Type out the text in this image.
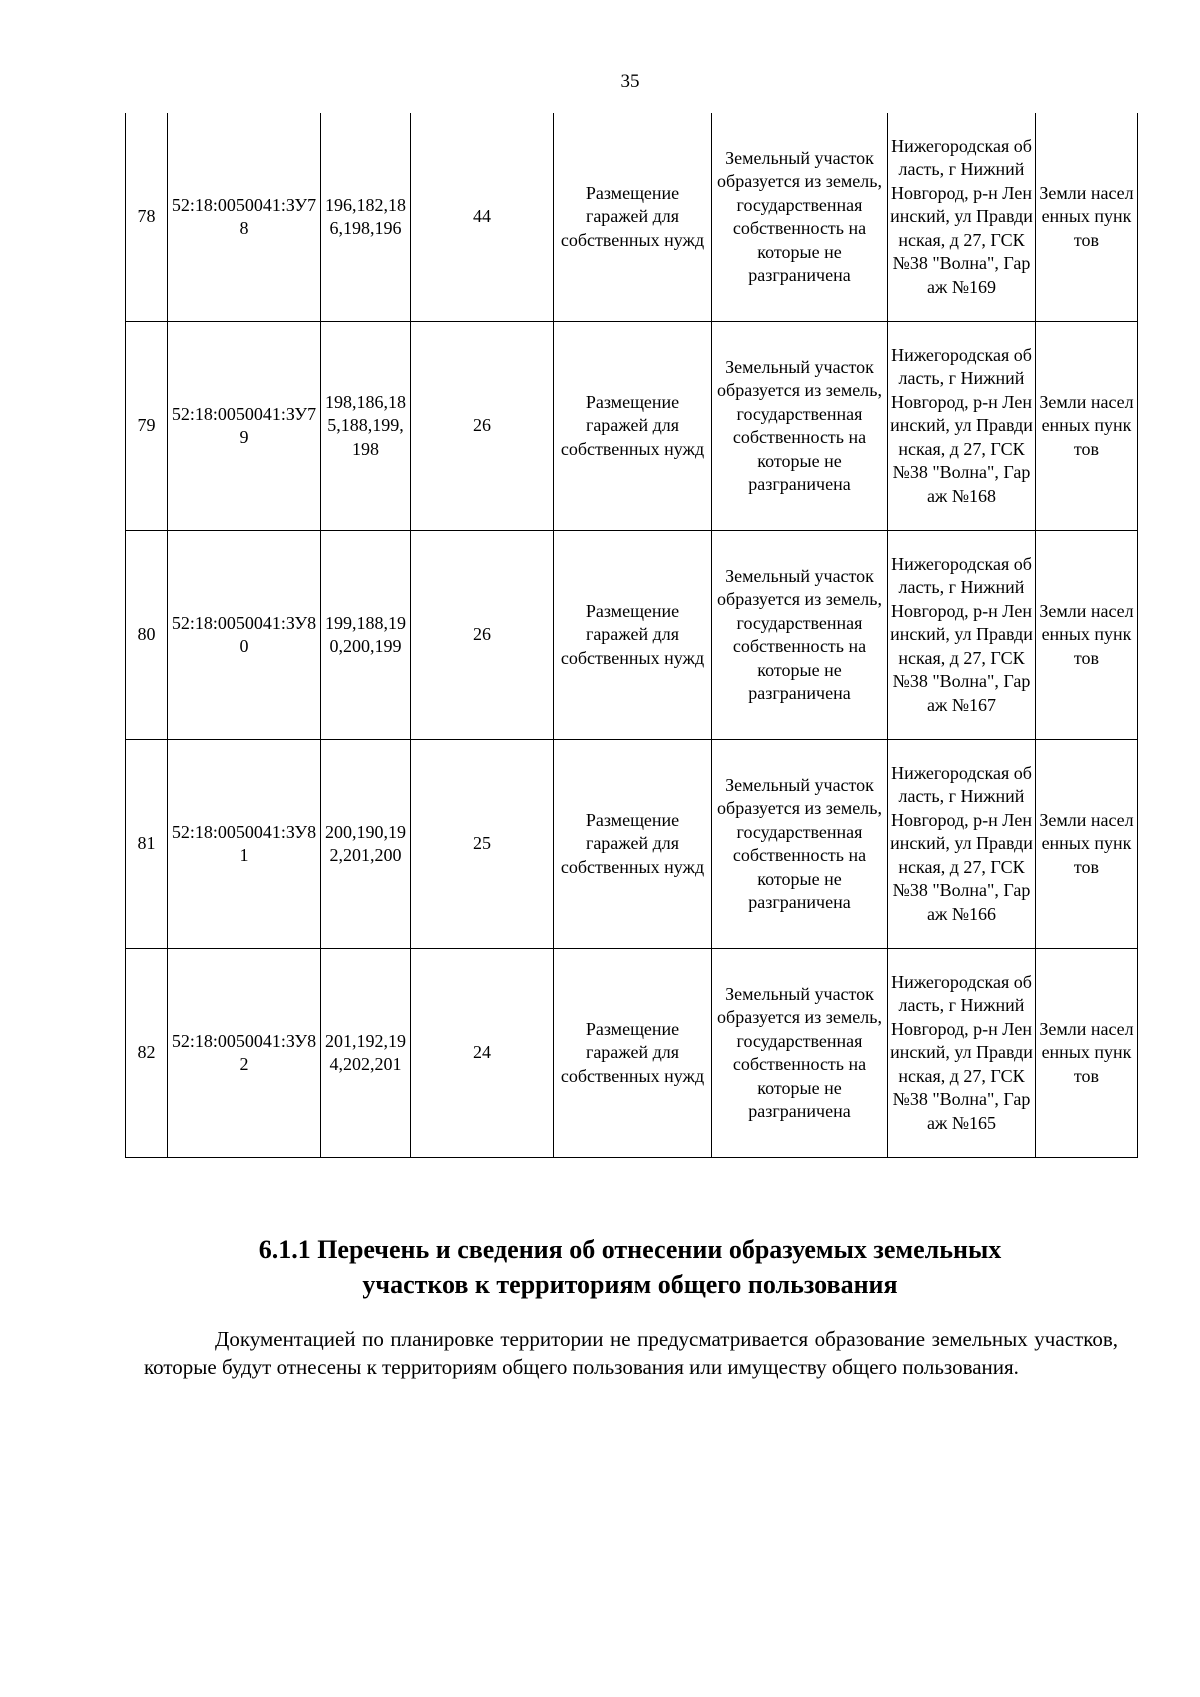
35
78	52:18:0050041:ЗУ78	196,182,186,198,196	44	Размещение гаражей для собственных нужд	Земельный участок образуется из земель, государственная собственность на которые не разграничена	Нижегородская область, г Нижний Новгород, р-н Ленинский, ул Правдинская, д 27, ГСК №38 "Волна", Гараж №169	Земли населенных пунктов
79	52:18:0050041:ЗУ79	198,186,185,188,199,198	26	Размещение гаражей для собственных нужд	Земельный участок образуется из земель, государственная собственность на которые не разграничена	Нижегородская область, г Нижний Новгород, р-н Ленинский, ул Правдинская, д 27, ГСК №38 "Волна", Гараж №168	Земли населенных пунктов
80	52:18:0050041:ЗУ80	199,188,190,200,199	26	Размещение гаражей для собственных нужд	Земельный участок образуется из земель, государственная собственность на которые не разграничена	Нижегородская область, г Нижний Новгород, р-н Ленинский, ул Правдинская, д 27, ГСК №38 "Волна", Гараж №167	Земли населенных пунктов
81	52:18:0050041:ЗУ81	200,190,192,201,200	25	Размещение гаражей для собственных нужд	Земельный участок образуется из земель, государственная собственность на которые не разграничена	Нижегородская область, г Нижний Новгород, р-н Ленинский, ул Правдинская, д 27, ГСК №38 "Волна", Гараж №166	Земли населенных пунктов
82	52:18:0050041:ЗУ82	201,192,194,202,201	24	Размещение гаражей для собственных нужд	Земельный участок образуется из земель, государственная собственность на которые не разграничена	Нижегородская область, г Нижний Новгород, р-н Ленинский, ул Правдинская, д 27, ГСК №38 "Волна", Гараж №165	Земли населенных пунктов
6.1.1 Перечень и сведения об отнесении образуемых земельных
участков к территориям общего пользования

Документацией по планировке территории не предусматривается образование земельных участков, которые будут отнесены к территориям общего пользования или имуществу общего пользования.
